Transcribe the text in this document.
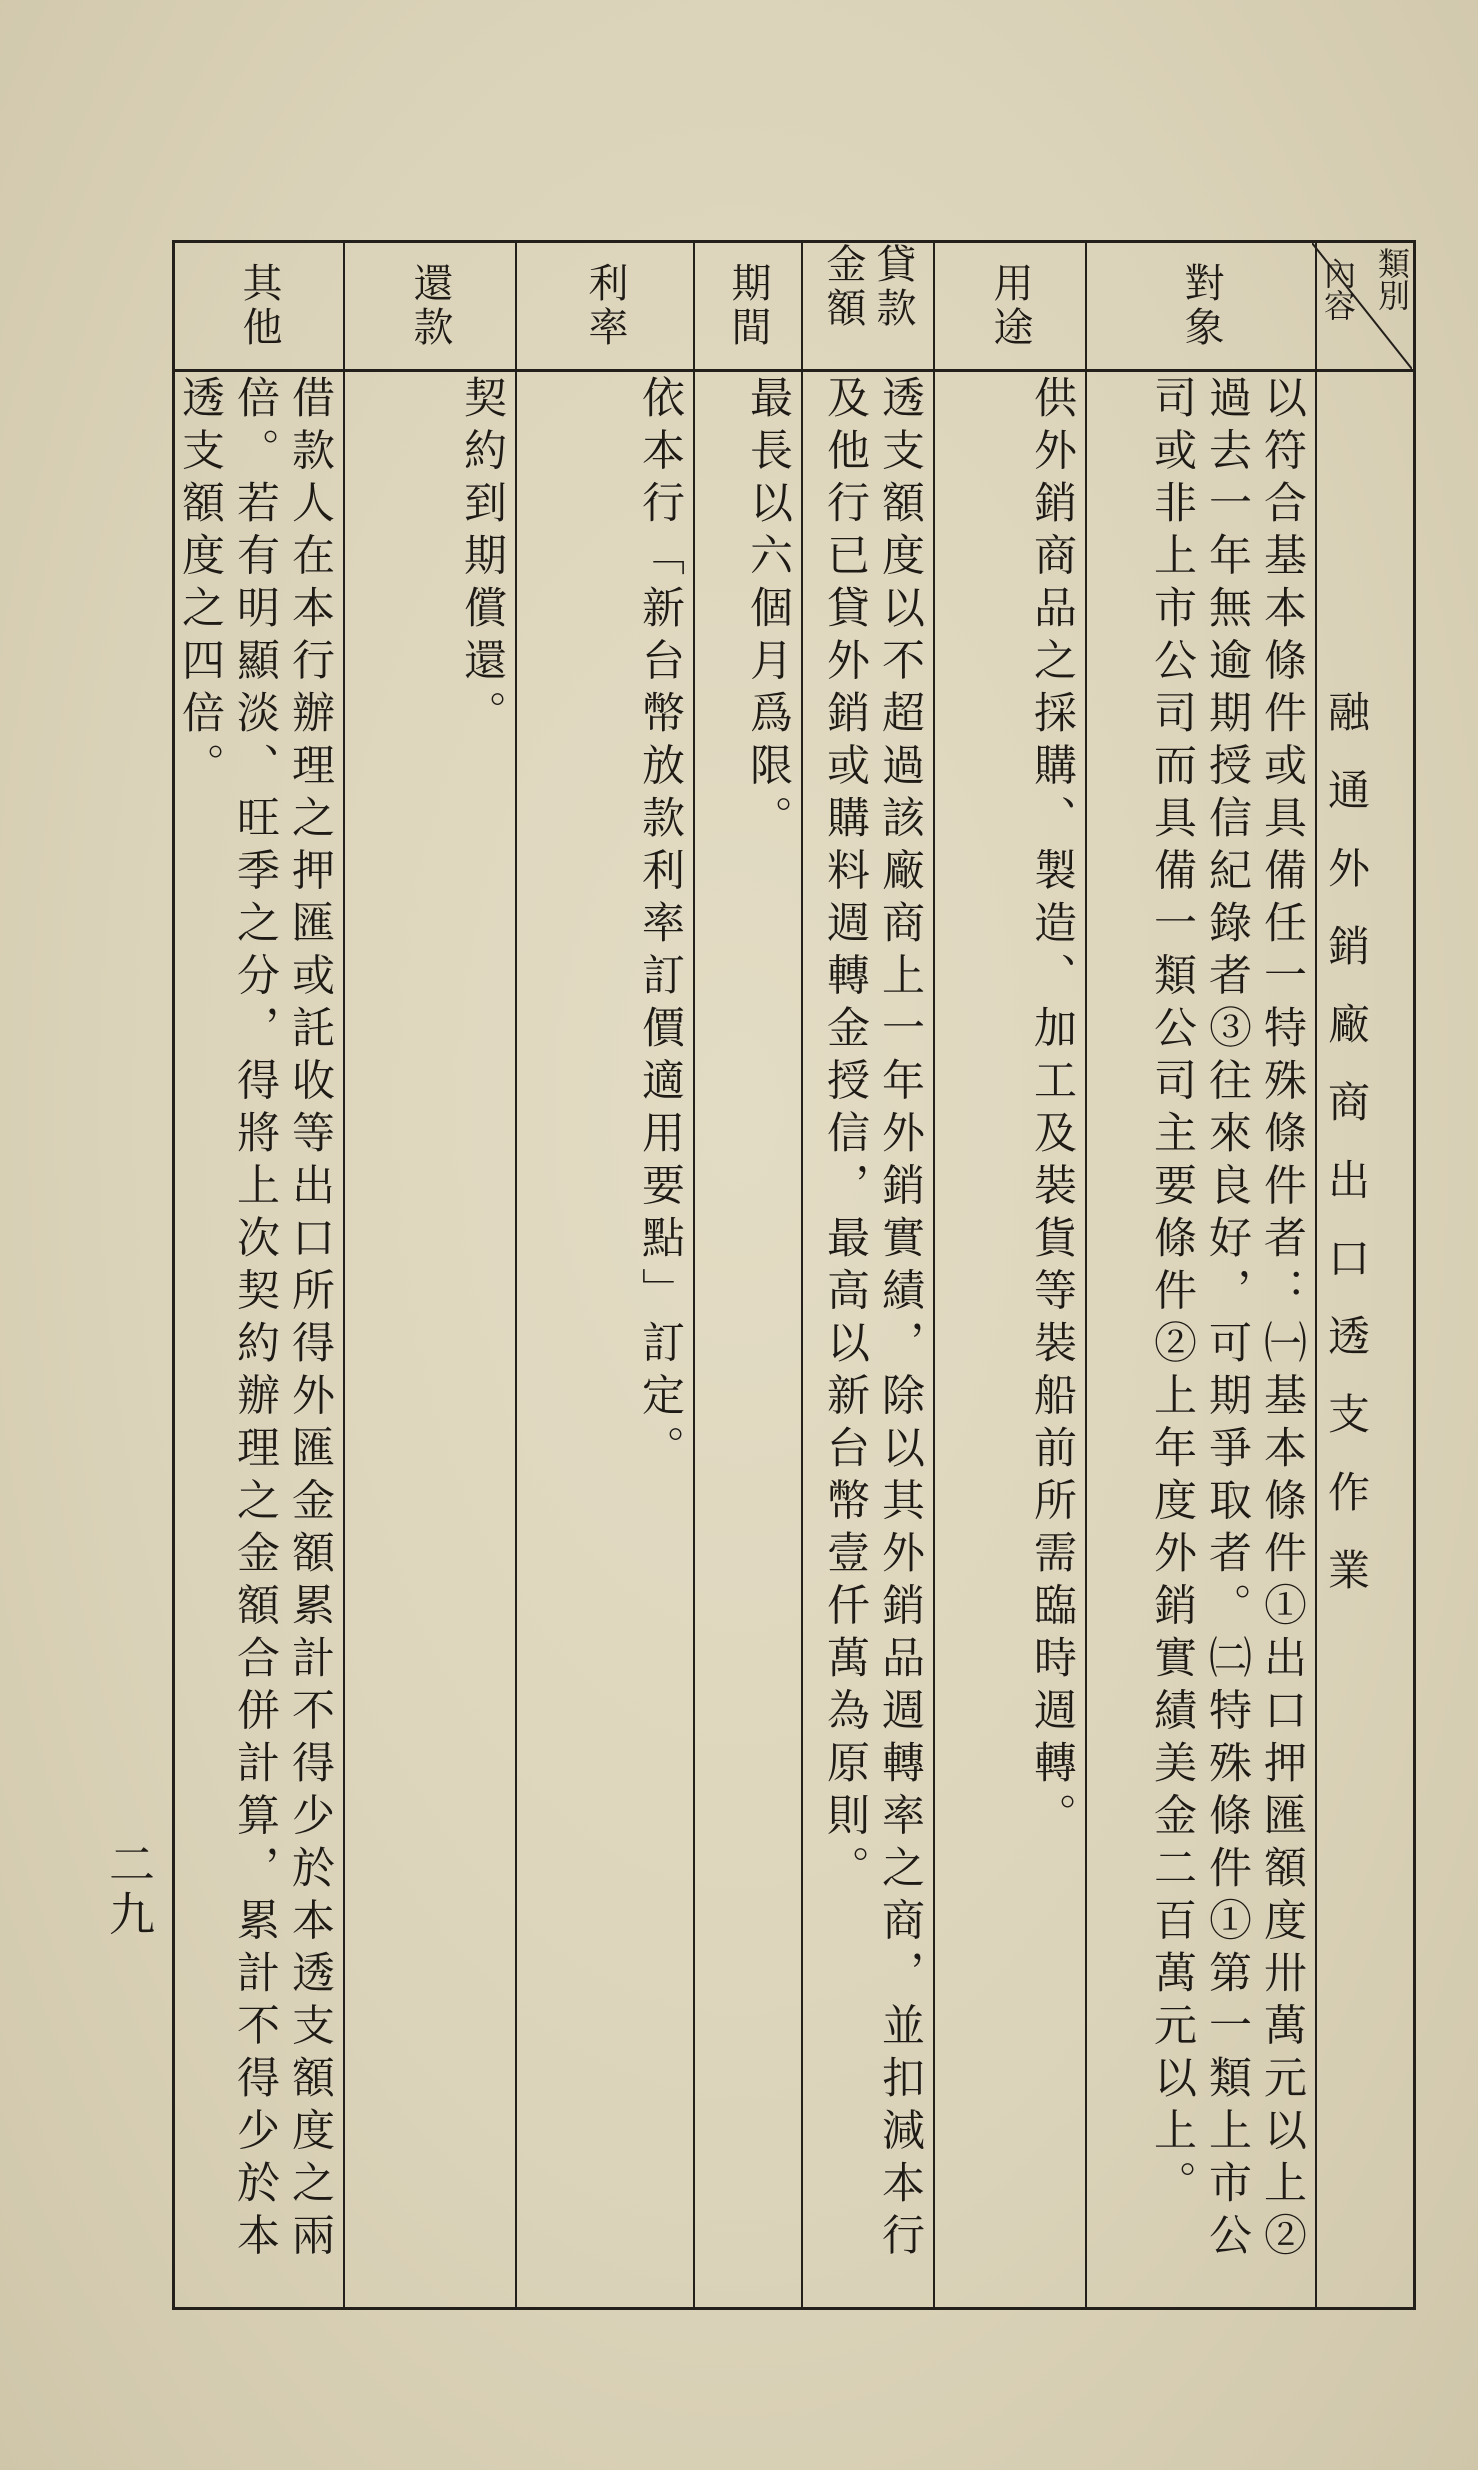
融通外銷廠商出口透支作業
類別
內容
對象
以符合基本條件或具備任一特殊條件者：㈠基本條件①出口押匯額度卅萬元以上②過去一年無逾期授信紀錄者③往來良好，可期爭取者。㈡特殊條件①第一類上市公司或非上市公司而具備一類公司主要條件②上年度外銷實績美金二百萬元以上。
用途
供外銷商品之採購、製造、加工及裝貨等裝船前所需臨時週轉。
貸款金額
透支額度以不超過該廠商上一年外銷實績，除以其外銷品週轉率之商，並扣減本行及他行已貸外銷或購料週轉金授信，最高以新台幣壹仟萬為原則。
期間
最長以六個月爲限。
利率
依本行「新台幣放款利率訂價適用要點」訂定。
還款
契約到期償還。
其他
借款人在本行辦理之押匯或託收等出口所得外匯金額累計不得少於本透支額度之兩倍。若有明顯淡、旺季之分，得將上次契約辦理之金額合併計算，累計不得少於本透支額度之四倍。
二九
